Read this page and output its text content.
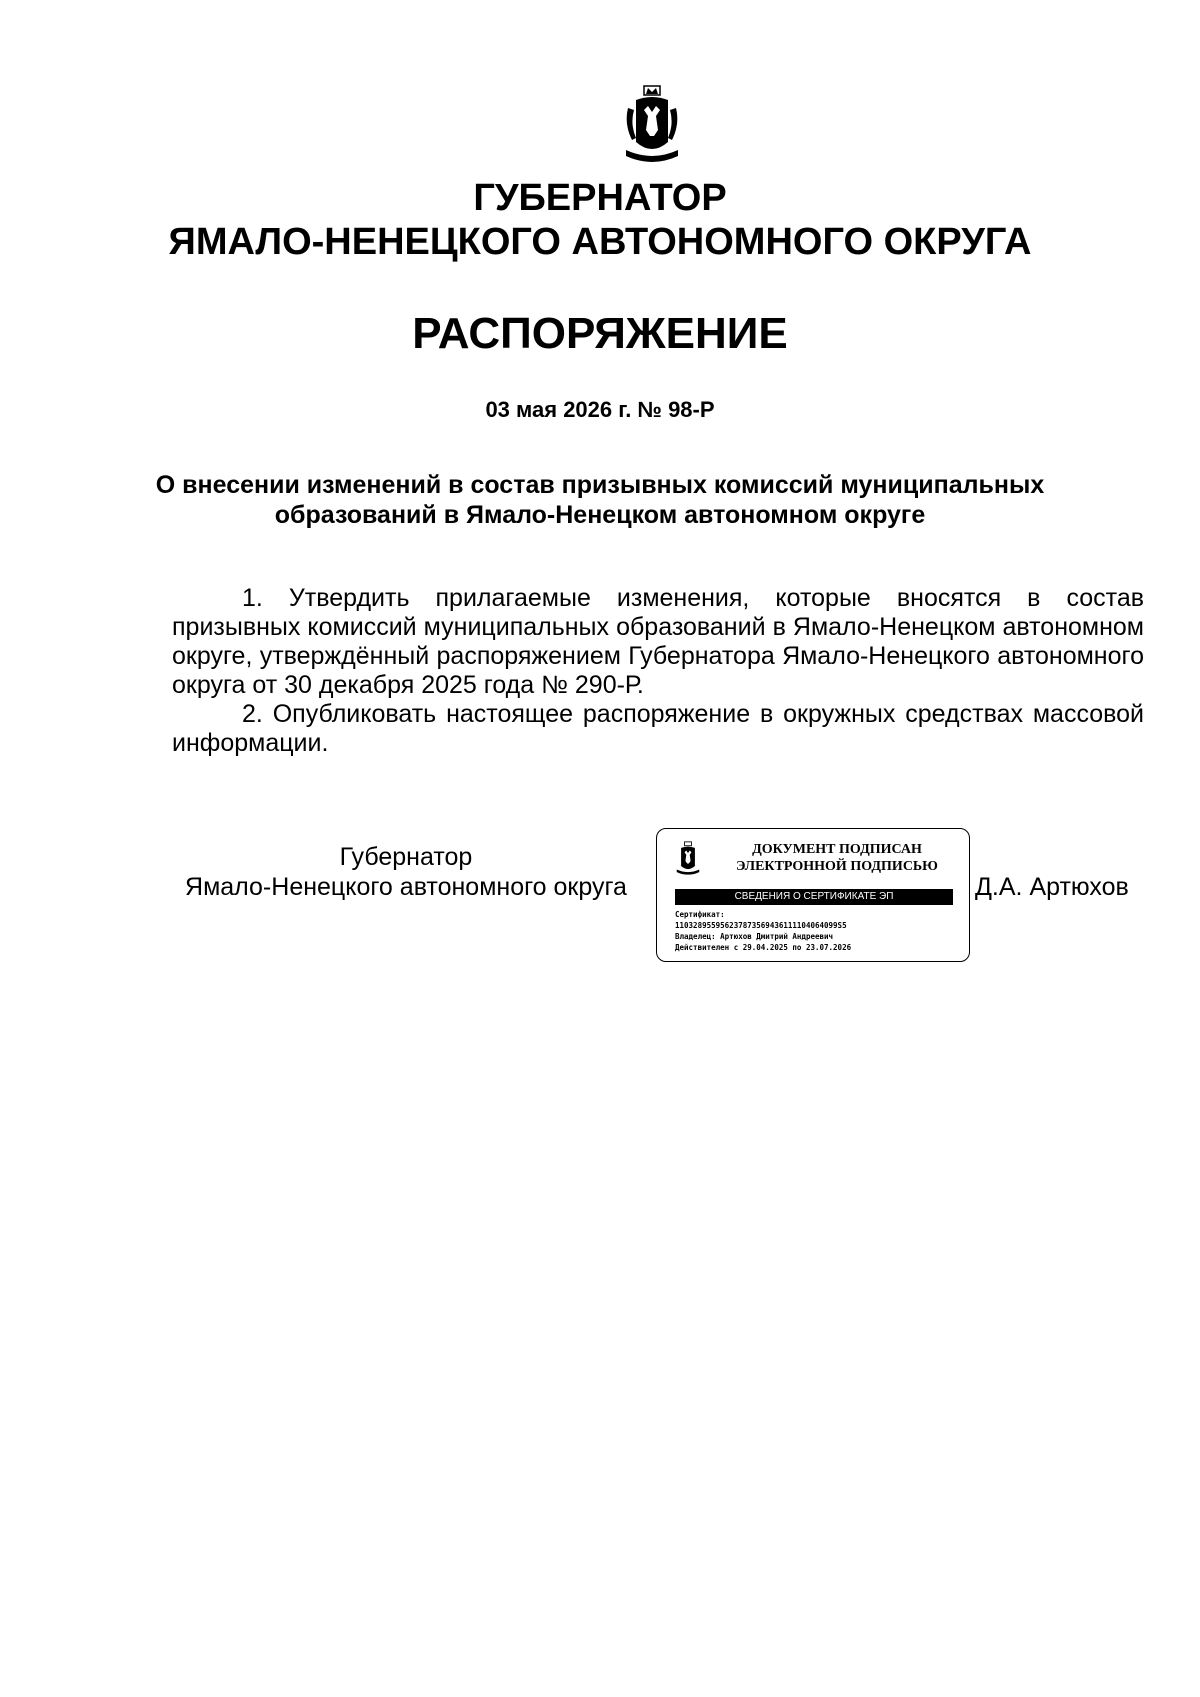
ГУБЕРНАТОР
ЯМАЛО-НЕНЕЦКОГО АВТОНОМНОГО ОКРУГА
РАСПОРЯЖЕНИЕ
03 мая 2026 г. № 98-Р
О внесении изменений в состав призывных комиссий муниципальных
образований в Ямало-Ненецком автономном округе

1. Утвердить прилагаемые изменения, которые вносятся в состав призывных комиссий муниципальных образований в Ямало-Ненецком автономном округе, утверждённый распоряжением Губернатора Ямало-Ненецкого автономного округа от 30 декабря 2025 года № 290-Р.

2. Опубликовать настоящее распоряжение в окружных средствах массовой информации.

Губернатор
Ямало-Ненецкого автономного округа
ДОКУМЕНТ ПОДПИСАН
ЭЛЕКТРОННОЙ ПОДПИСЬЮ
СВЕДЕНИЯ О СЕРТИФИКАТЕ ЭП
Сертификат:
110328955956237873569436111104064099S5
Владелец: Артюхов Дмитрий Андреевич
Действителен с 29.04.2025 по 23.07.2026
Д.А. Артюхов
